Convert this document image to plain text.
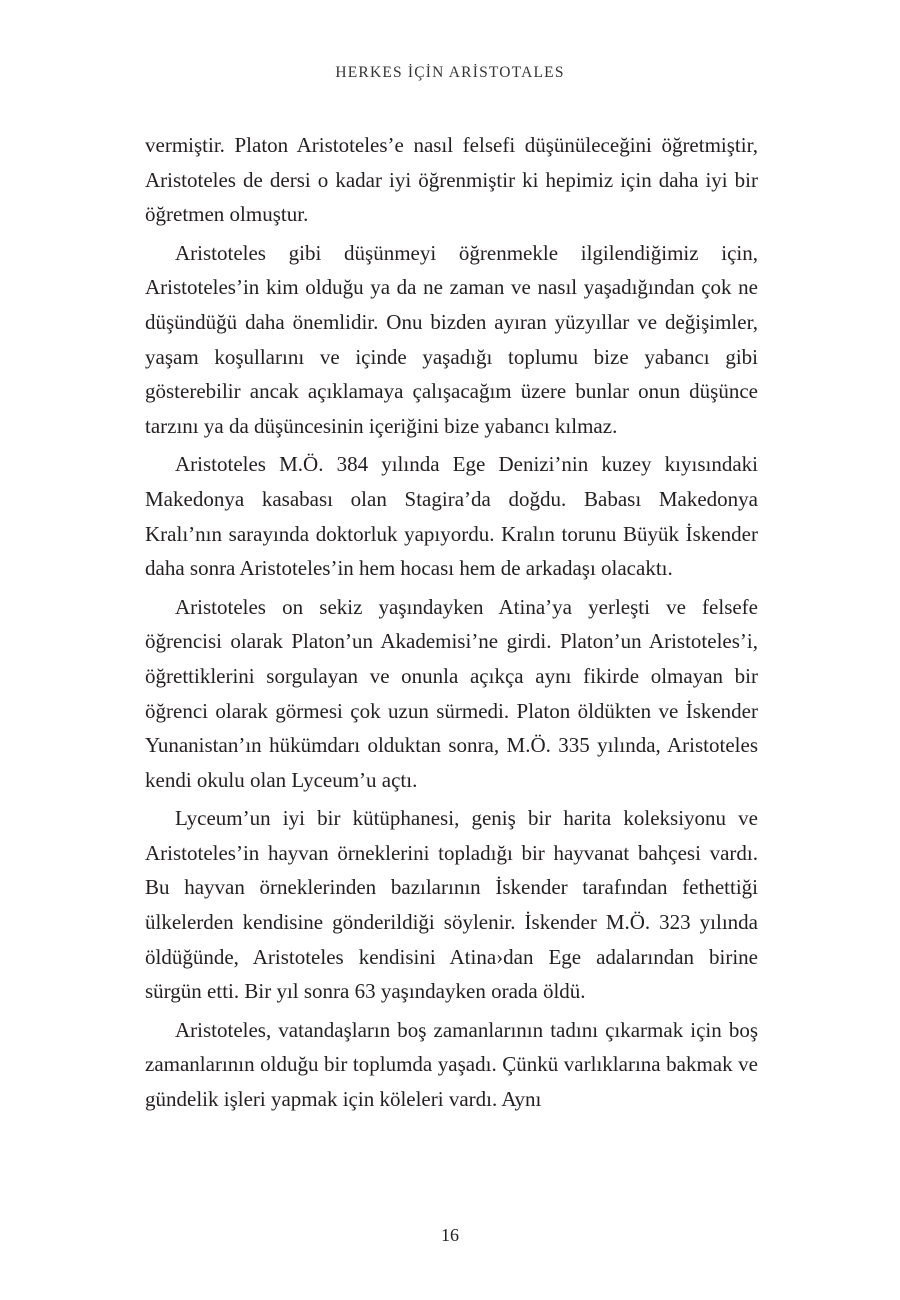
HERKES İÇİN ARİSTOTALES

vermiştir. Platon Aristoteles’e nasıl felsefi düşünüleceğini öğretmiştir, Aristoteles de dersi o kadar iyi öğrenmiştir ki hepimiz için daha iyi bir öğretmen olmuştur.

Aristoteles gibi düşünmeyi öğrenmekle ilgilendiğimiz için, Aristoteles’in kim olduğu ya da ne zaman ve nasıl yaşadığından çok ne düşündüğü daha önemlidir. Onu bizden ayıran yüzyıllar ve değişimler, yaşam koşullarını ve içinde yaşadığı toplumu bize yabancı gibi gösterebilir ancak açıklamaya çalışacağım üzere bunlar onun düşünce tarzını ya da düşüncesinin içeriğini bize yabancı kılmaz.

Aristoteles M.Ö. 384 yılında Ege Denizi’nin kuzey kıyısındaki Makedonya kasabası olan Stagira’da doğdu. Babası Makedonya Kralı’nın sarayında doktorluk yapıyordu. Kralın torunu Büyük İskender daha sonra Aristoteles’in hem hocası hem de arkadaşı olacaktı.

Aristoteles on sekiz yaşındayken Atina’ya yerleşti ve felsefe öğrencisi olarak Platon’un Akademisi’ne girdi. Platon’un Aristoteles’i, öğrettiklerini sorgulayan ve onunla açıkça aynı fikirde olmayan bir öğrenci olarak görmesi çok uzun sürmedi. Platon öldükten ve İskender Yunanistan’ın hükümdarı olduktan sonra, M.Ö. 335 yılında, Aristoteles kendi okulu olan Lyceum’u açtı.

Lyceum’un iyi bir kütüphanesi, geniş bir harita koleksiyonu ve Aristoteles’in hayvan örneklerini topladığı bir hayvanat bahçesi vardı. Bu hayvan örneklerinden bazılarının İskender tarafından fethettiği ülkelerden kendisine gönderildiği söylenir. İskender M.Ö. 323 yılında öldüğünde, Aristoteles kendisini Atina›dan Ege adalarından birine sürgün etti. Bir yıl sonra 63 yaşındayken orada öldü.

Aristoteles, vatandaşların boş zamanlarının tadını çıkarmak için boş zamanlarının olduğu bir toplumda yaşadı. Çünkü varlıklarına bakmak ve gündelik işleri yapmak için köleleri vardı. Aynı

16
